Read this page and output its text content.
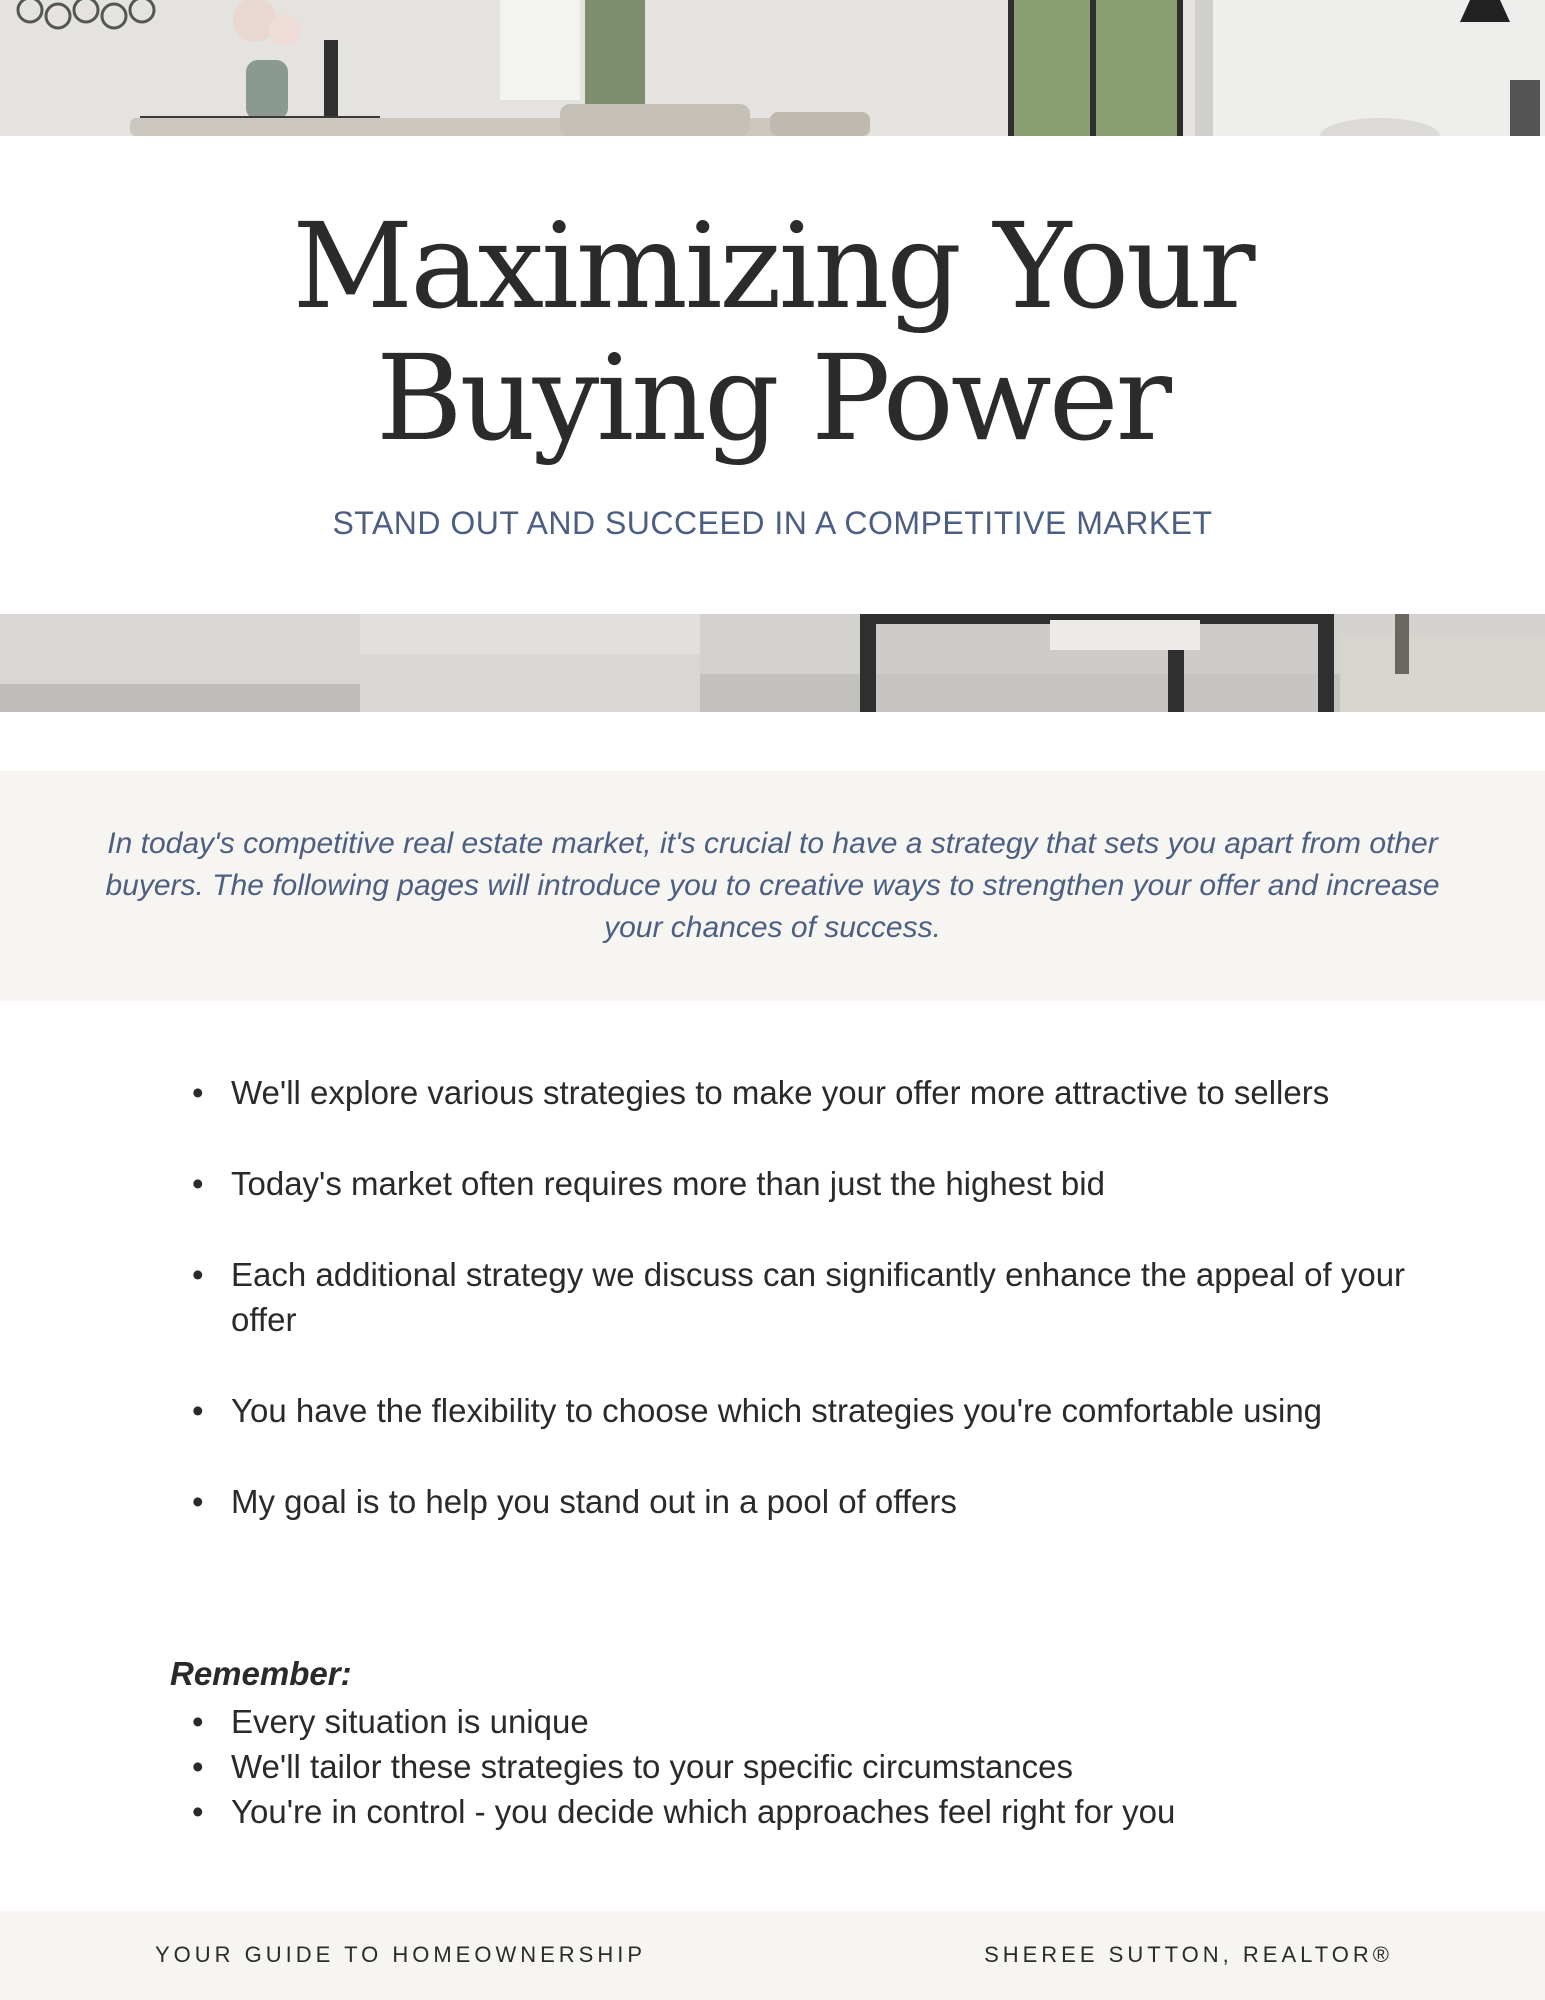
Maximizing Your
Buying Power
STAND OUT AND SUCCEED IN A COMPETITIVE MARKET

In today's competitive real estate market, it's crucial to have a strategy that sets you apart from other buyers. The following pages will introduce you to creative ways to strengthen your offer and increase your chances of success.

• We'll explore various strategies to make your offer more attractive to sellers
• Today's market often requires more than just the highest bid
• Each additional strategy we discuss can significantly enhance the appeal of your offer
• You have the flexibility to choose which strategies you're comfortable using
• My goal is to help you stand out in a pool of offers
Remember:
• Every situation is unique
• We'll tailor these strategies to your specific circumstances
• You're in control - you decide which approaches feel right for you
YOUR GUIDE TO HOMEOWNERSHIP	SHEREE SUTTON, REALTOR®
